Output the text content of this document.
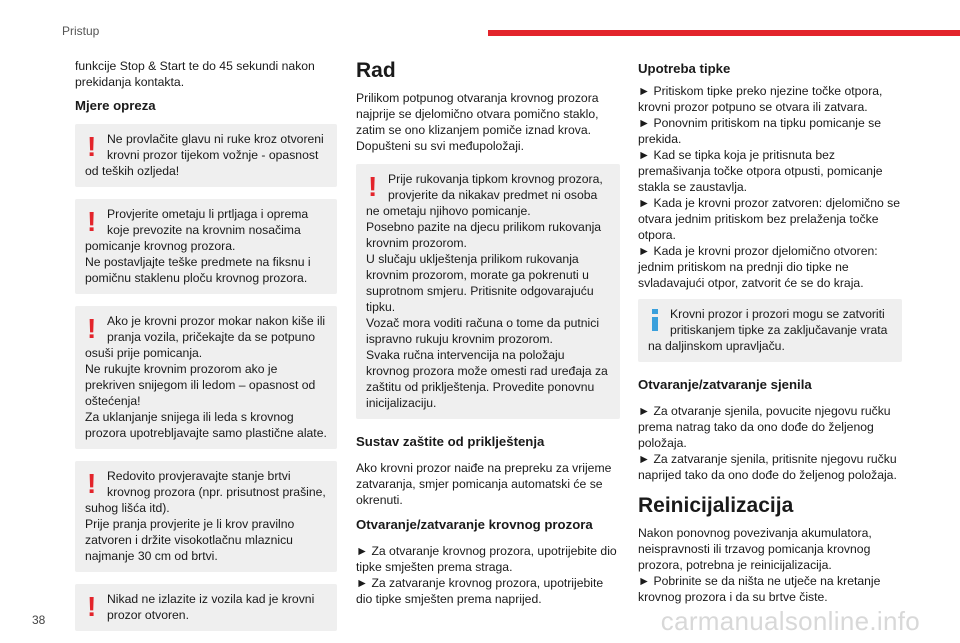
Pristup

funkcije Stop & Start te do 45 sekundi nakon prekidanja kontakta.

Mjere opreza
! Ne provlačite glavu ni ruke kroz otvoreni krovni prozor tijekom vožnje - opasnost
od teških ozljeda!

! Provjerite ometaju li prtljaga i oprema koje prevozite na krovnim nosačima
pomicanje krovnog prozora.
Ne postavljajte teške predmete na fiksnu i pomičnu staklenu ploču krovnog prozora.

! Ako je krovni prozor mokar nakon kiše ili pranja vozila, pričekajte da se potpuno
osuši prije pomicanja.
Ne rukujte krovnim prozorom ako je prekriven snijegom ili ledom – opasnost od oštećenja!
Za uklanjanje snijega ili leda s krovnog prozora upotrebljavajte samo plastične alate.

! Redovito provjeravajte stanje brtvi krovnog prozora (npr. prisutnost prašine,
suhog lišća itd).
Prije pranja provjerite je li krov pravilno zatvoren i držite visokotlačnu mlaznicu najmanje 30 cm od brtvi.

! Nikad ne izlazite iz vozila kad je krovni prozor otvoren.

Rad

Prilikom potpunog otvaranja krovnog prozora najprije se djelomično otvara pomično staklo, zatim se ono klizanjem pomiče iznad krova. Dopušteni su svi međupoložaji.

! Prije rukovanja tipkom krovnog prozora, provjerite da nikakav predmet ni osoba
ne ometaju njihovo pomicanje.
Posebno pazite na djecu prilikom rukovanja krovnim prozorom.
U slučaju uklještenja prilikom rukovanja krovnim prozorom, morate ga pokrenuti u suprotnom smjeru. Pritisnite odgovarajuću tipku.
Vozač mora voditi računa o tome da putnici ispravno rukuju krovnim prozorom.
Svaka ručna intervencija na položaju krovnog prozora može omesti rad uređaja za zaštitu od priklještenja. Provedite ponovnu inicijalizaciju.

Sustav zaštite od priklještenja

Ako krovni prozor naiđe na prepreku za vrijeme zatvaranja, smjer pomicanja automatski će se okrenuti.

Otvaranje/zatvaranje krovnog prozora

► Za otvaranje krovnog prozora, upotrijebite dio tipke smješten prema straga.
► Za zatvaranje krovnog prozora, upotrijebite dio tipke smješten prema naprijed.

Upotreba tipke

► Pritiskom tipke preko njezine točke otpora, krovni prozor potpuno se otvara ili zatvara.
► Ponovnim pritiskom na tipku pomicanje se prekida.
► Kad se tipka koja je pritisnuta bez premašivanja točke otpora otpusti, pomicanje stakla se zaustavlja.
► Kada je krovni prozor zatvoren: djelomično se otvara jednim pritiskom bez prelaženja točke otpora.
► Kada je krovni prozor djelomično otvoren: jednim pritiskom na prednji dio tipke ne svladavajući otpor, zatvorit će se do kraja.

Krovni prozor i prozori mogu se zatvoriti pritiskanjem tipke za zaključavanje vrata
na daljinskom upravljaču.

Otvaranje/zatvaranje sjenila

► Za otvaranje sjenila, povucite njegovu ručku prema natrag tako da ono dođe do željenog položaja.
► Za zatvaranje sjenila, pritisnite njegovu ručku naprijed tako da ono dođe do željenog položaja.

Reinicijalizacija

Nakon ponovnog povezivanja akumulatora, neispravnosti ili trzavog pomicanja krovnog prozora, potrebna je reinicijalizacija.
► Pobrinite se da ništa ne utječe na kretanje krovnog prozora i da su brtve čiste.

38	carmanualsonline.info
